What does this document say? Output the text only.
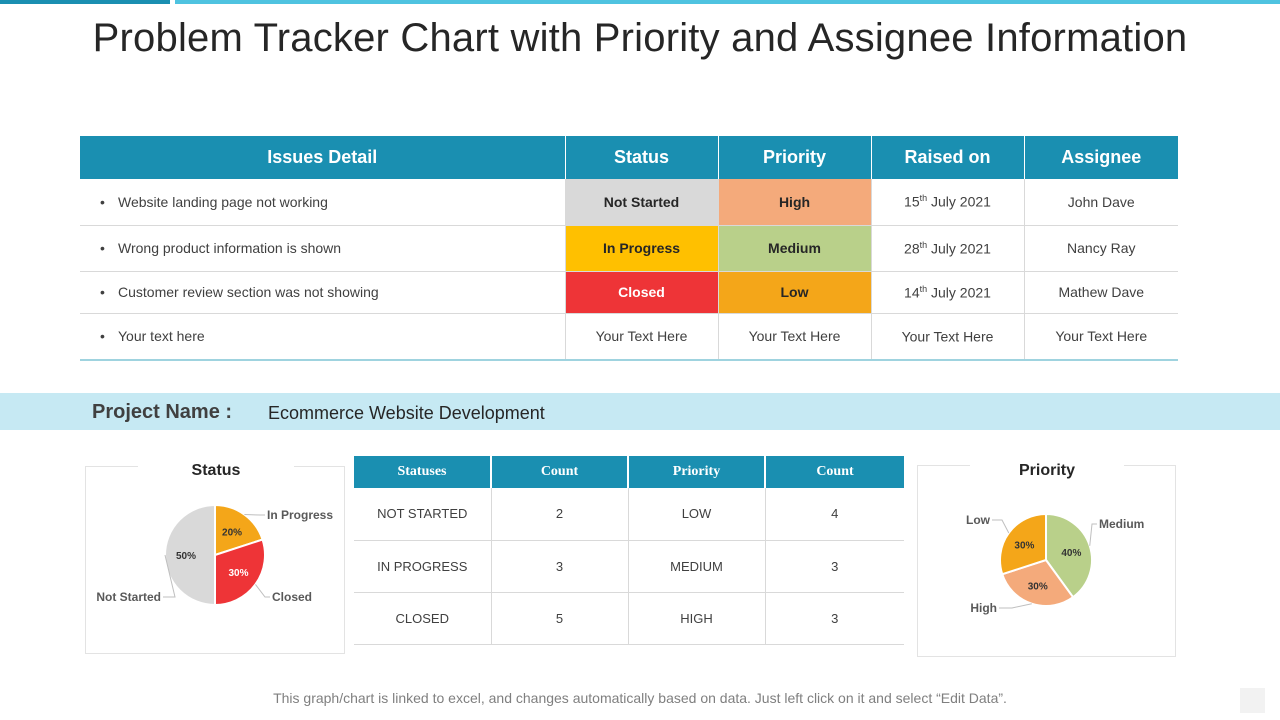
Problem Tracker Chart with Priority and Assignee Information
Issues Detail	Status	Priority	Raised on	Assignee
• Website landing page not working	Not Started	High	15th July 2021	John Dave
• Wrong product information is shown	In Progress	Medium	28th July 2021	Nancy Ray
• Customer review section was not showing	Closed	Low	14th July 2021	Mathew Dave
• Your text here	Your Text Here	Your Text Here	Your Text Here	Your Text Here
Project Name : Ecommerce Website Development
Status
20%
In Progress
30%
Closed
50%
Not Started
Statuses	Count	Priority	Count
NOT STARTED	2	LOW	4
IN PROGRESS	3	MEDIUM	3
CLOSED	5	HIGH	3
Priority
40%
Medium
30%
High
30%
Low
This graph/chart is linked to excel, and changes automatically based on data. Just left click on it and select “Edit Data”.
